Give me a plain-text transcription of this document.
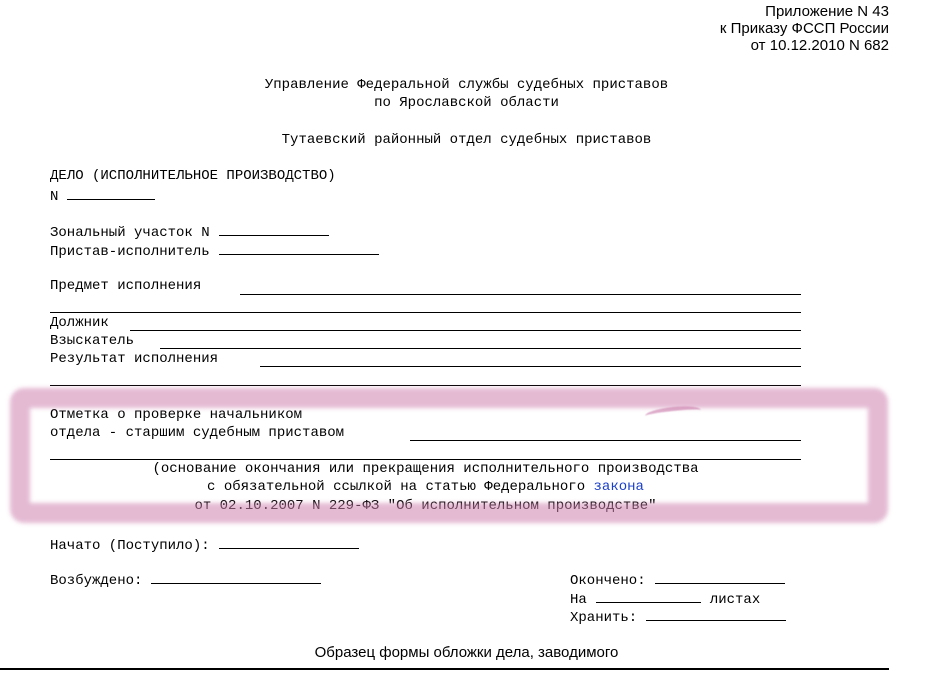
Приложение N 43
к Приказу ФССП России
от 10.12.2010 N 682
Управление Федеральной службы судебных приставов
по Ярославской области
Тутаевский районный отдел судебных приставов
ДЕЛО (ИСПОЛНИТЕЛЬНОЕ ПРОИЗВОДСТВО)
N
Зональный участок N
Пристав-исполнитель
Предмет исполнения
Должник
Взыскатель
Результат исполнения
Отметка о проверке начальником
отдела - старшим судебным приставом
(основание окончания или прекращения исполнительного производства
с обязательной ссылкой на статью Федерального закона
от 02.10.2007 N 229-ФЗ "Об исполнительном производстве"
Начато (Поступило):
Возбуждено:	Окончено:
На	листах
Хранить:
Образец формы обложки дела, заводимого
